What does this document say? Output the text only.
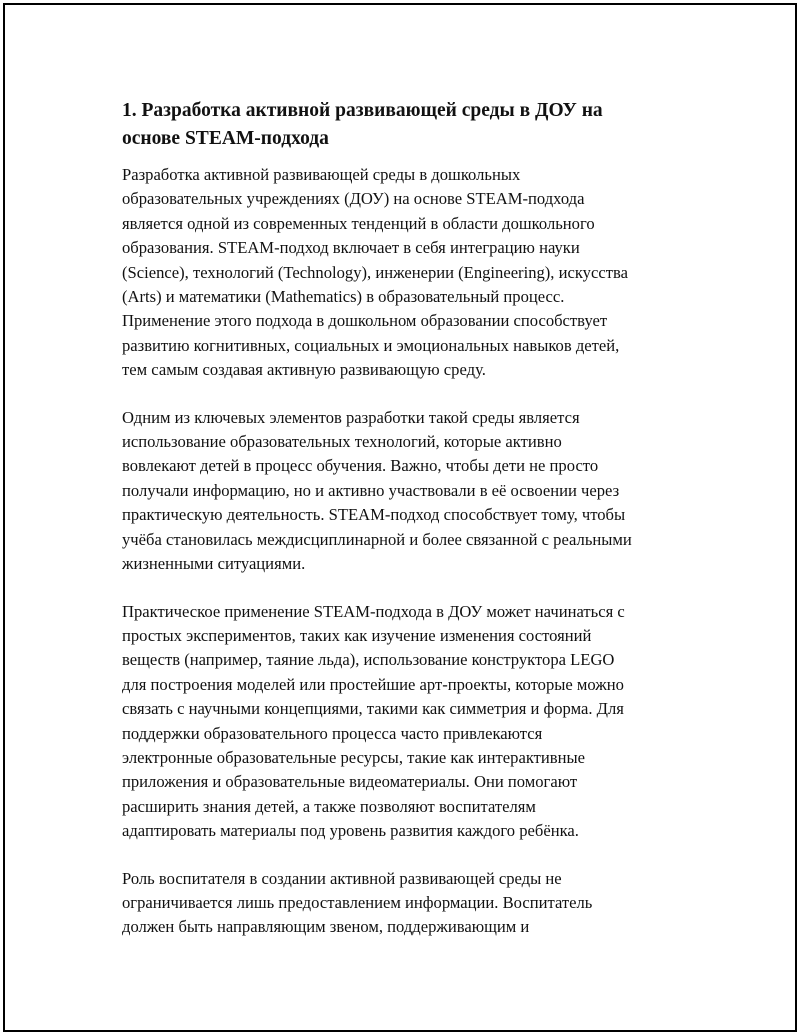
1. Разработка активной развивающей среды в ДОУ на
основе STEAM-подхода
Разработка активной развивающей среды в дошкольных
образовательных учреждениях (ДОУ) на основе STEAM-подхода
является одной из современных тенденций в области дошкольного
образования. STEAM-подход включает в себя интеграцию науки
(Science), технологий (Technology), инженерии (Engineering), искусства
(Arts) и математики (Mathematics) в образовательный процесс.
Применение этого подхода в дошкольном образовании способствует
развитию когнитивных, социальных и эмоциональных навыков детей,
тем самым создавая активную развивающую среду.
Одним из ключевых элементов разработки такой среды является
использование образовательных технологий, которые активно
вовлекают детей в процесс обучения. Важно, чтобы дети не просто
получали информацию, но и активно участвовали в её освоении через
практическую деятельность. STEAM-подход способствует тому, чтобы
учёба становилась междисциплинарной и более связанной с реальными
жизненными ситуациями.
Практическое применение STEAM-подхода в ДОУ может начинаться с
простых экспериментов, таких как изучение изменения состояний
веществ (например, таяние льда), использование конструктора LEGO
для построения моделей или простейшие арт-проекты, которые можно
связать с научными концепциями, такими как симметрия и форма. Для
поддержки образовательного процесса часто привлекаются
электронные образовательные ресурсы, такие как интерактивные
приложения и образовательные видеоматериалы. Они помогают
расширить знания детей, а также позволяют воспитателям
адаптировать материалы под уровень развития каждого ребёнка.
Роль воспитателя в создании активной развивающей среды не
ограничивается лишь предоставлением информации. Воспитатель
должен быть направляющим звеном, поддерживающим и
